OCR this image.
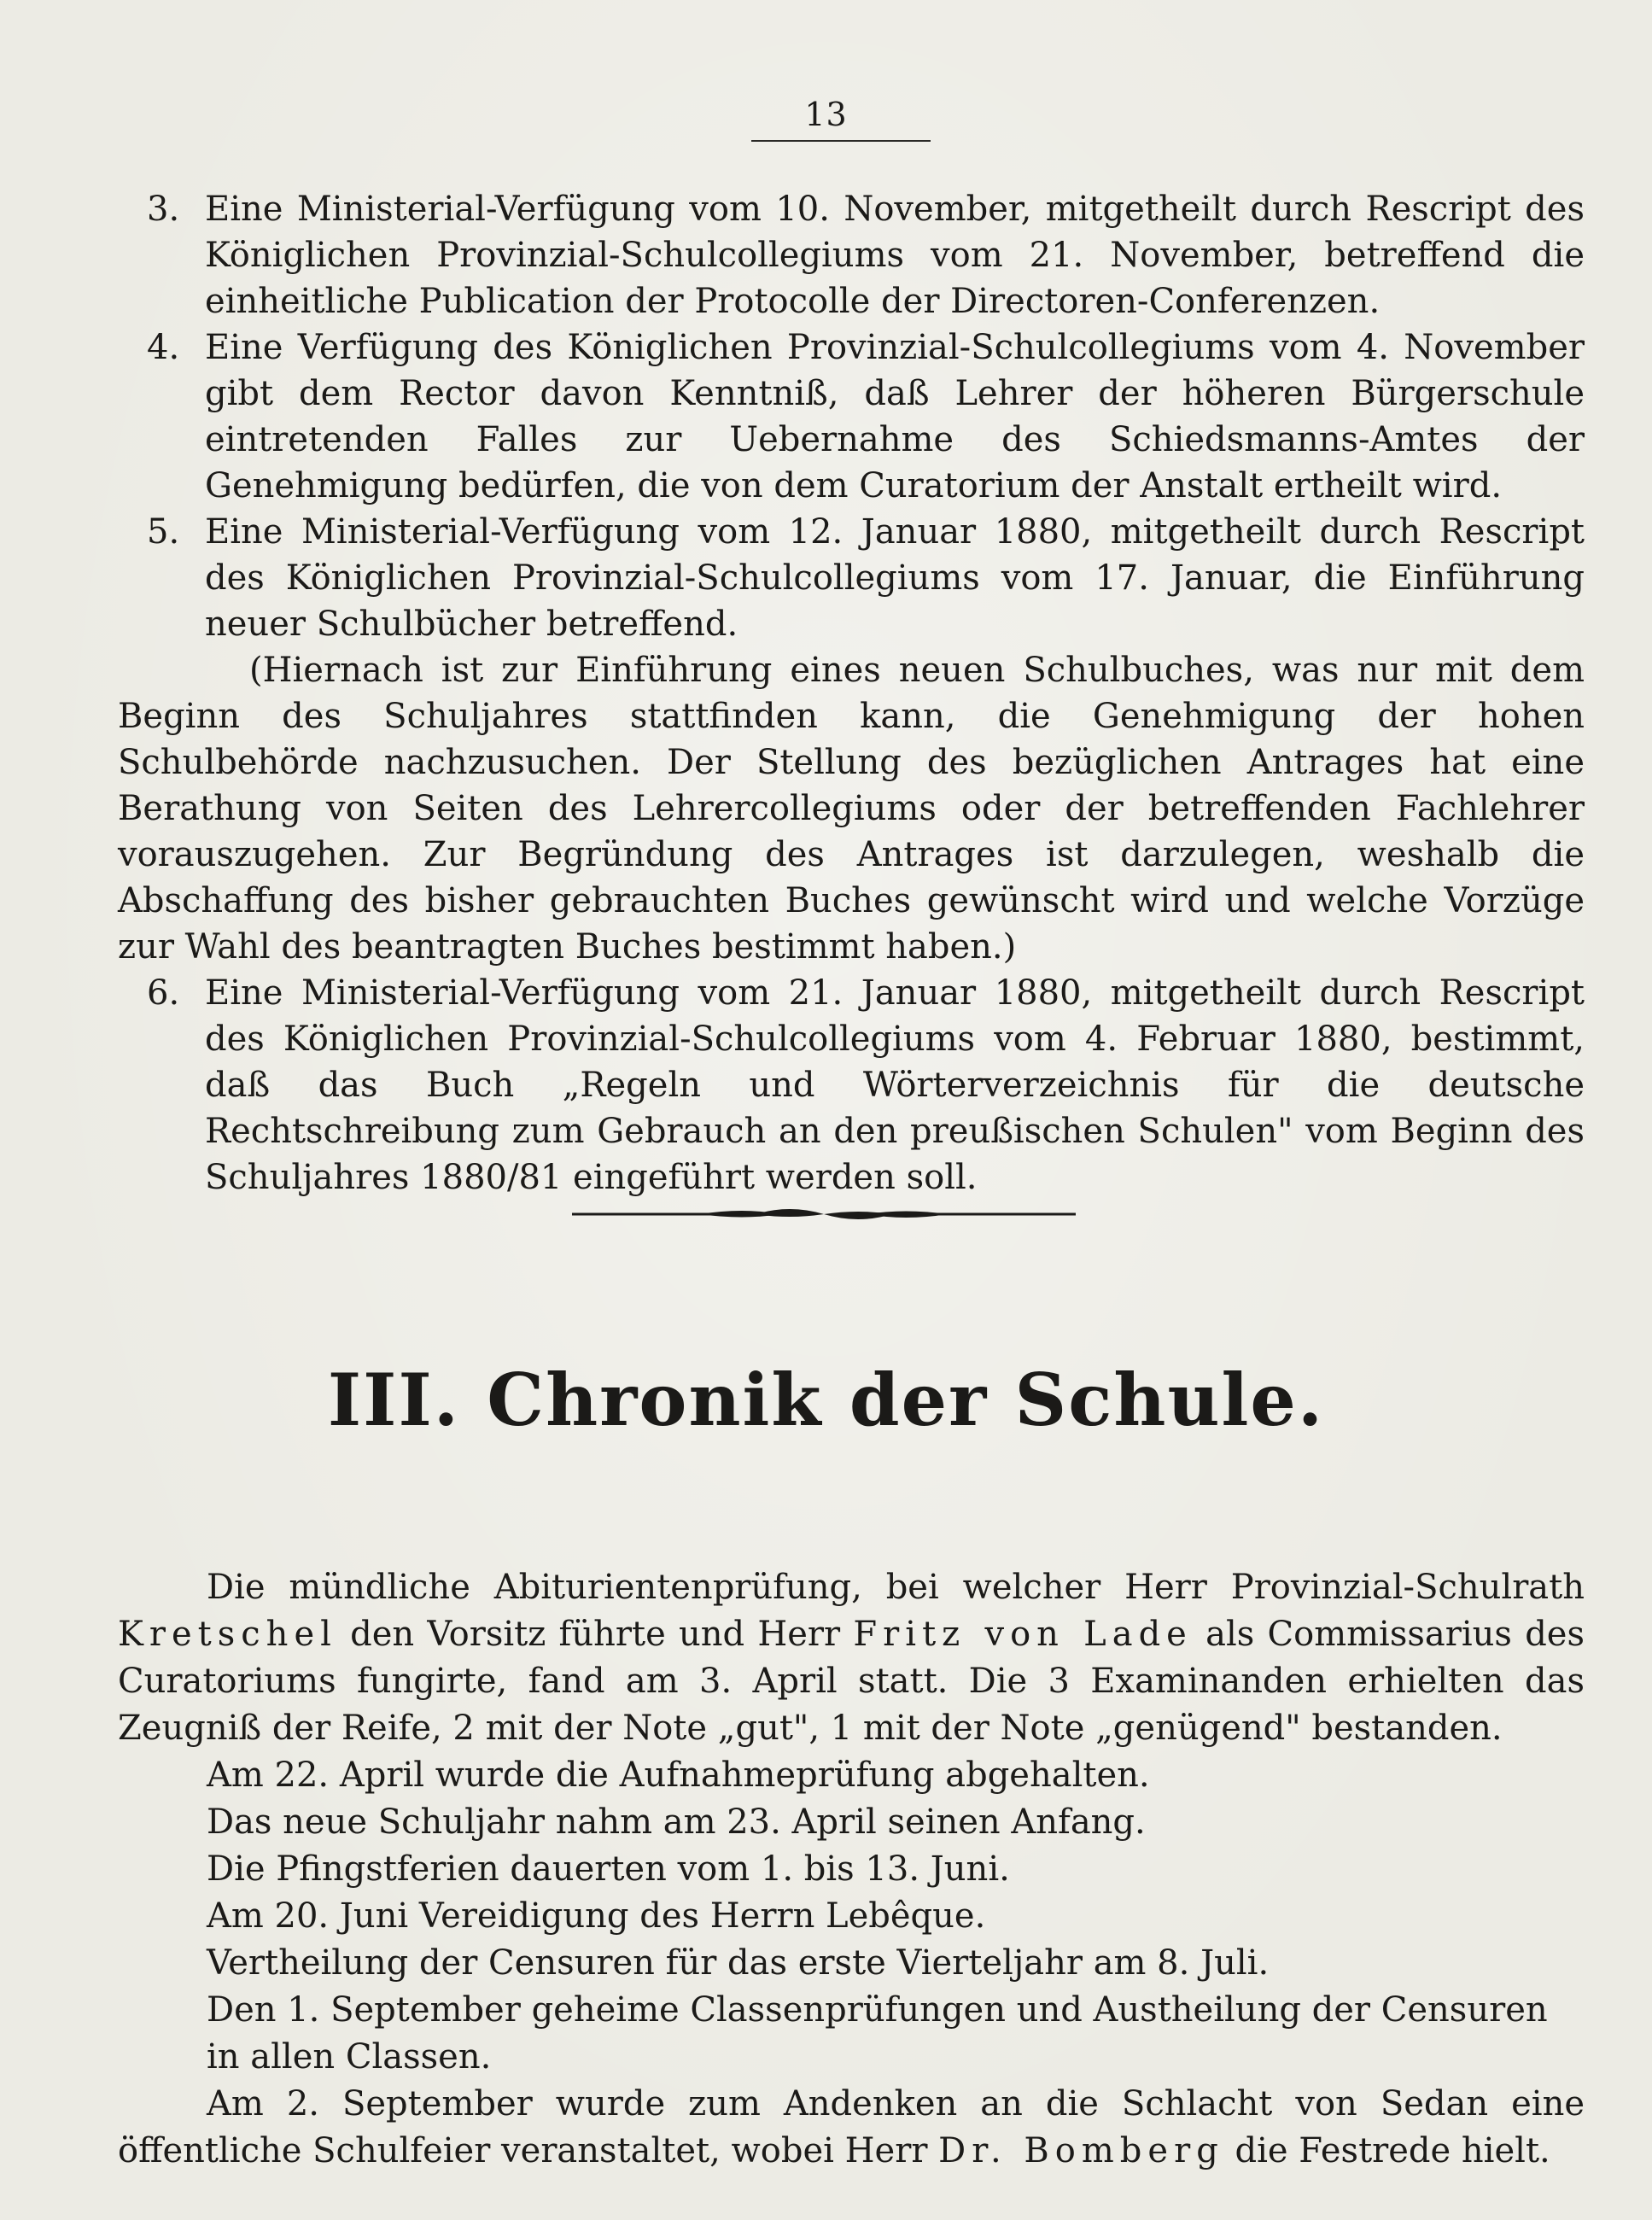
13

3. Eine Ministerial-Verfügung vom 10. November, mitgetheilt durch Rescript des Königlichen Provinzial-Schulcollegiums vom 21. November, betreffend die einheitliche Publication der Protocolle der Directoren-Conferenzen.

4. Eine Verfügung des Königlichen Provinzial-Schulcollegiums vom 4. November gibt dem Rector davon Kenntniß, daß Lehrer der höheren Bürgerschule eintretenden Falles zur Uebernahme des Schiedsmanns-Amtes der Genehmigung bedürfen, die von dem Curatorium der Anstalt ertheilt wird.

5. Eine Ministerial-Verfügung vom 12. Januar 1880, mitgetheilt durch Rescript des Königlichen Provinzial-Schulcollegiums vom 17. Januar, die Einführung neuer Schulbücher betreffend.

(Hiernach ist zur Einführung eines neuen Schulbuches, was nur mit dem Beginn des Schuljahres stattfinden kann, die Genehmigung der hohen Schulbehörde nachzusuchen. Der Stellung des bezüglichen Antrages hat eine Berathung von Seiten des Lehrercollegiums oder der betreffenden Fachlehrer vorauszugehen. Zur Begründung des Antrages ist darzulegen, weshalb die Abschaffung des bisher gebrauchten Buches gewünscht wird und welche Vorzüge zur Wahl des beantragten Buches bestimmt haben.)

6. Eine Ministerial-Verfügung vom 21. Januar 1880, mitgetheilt durch Rescript des Königlichen Provinzial-Schulcollegiums vom 4. Februar 1880, bestimmt, daß das Buch „Regeln und Wörterverzeichnis für die deutsche Rechtschreibung zum Gebrauch an den preußischen Schulen" vom Beginn des Schuljahres 1880/81 eingeführt werden soll.

III. Chronik der Schule.

Die mündliche Abiturientenprüfung, bei welcher Herr Provinzial-Schulrath Kretschel den Vorsitz führte und Herr Fritz von Lade als Commissarius des Curatoriums fungirte, fand am 3. April statt. Die 3 Examinanden erhielten das Zeugniß der Reife, 2 mit der Note „gut", 1 mit der Note „genügend" bestanden.

Am 22. April wurde die Aufnahmeprüfung abgehalten.

Das neue Schuljahr nahm am 23. April seinen Anfang.

Die Pfingstferien dauerten vom 1. bis 13. Juni.

Am 20. Juni Vereidigung des Herrn Lebêque.

Vertheilung der Censuren für das erste Vierteljahr am 8. Juli.

Den 1. September geheime Classenprüfungen und Austheilung der Censuren in allen Classen.

Am 2. September wurde zum Andenken an die Schlacht von Sedan eine öffentliche Schulfeier veranstaltet, wobei Herr Dr. Bomberg die Festrede hielt.
